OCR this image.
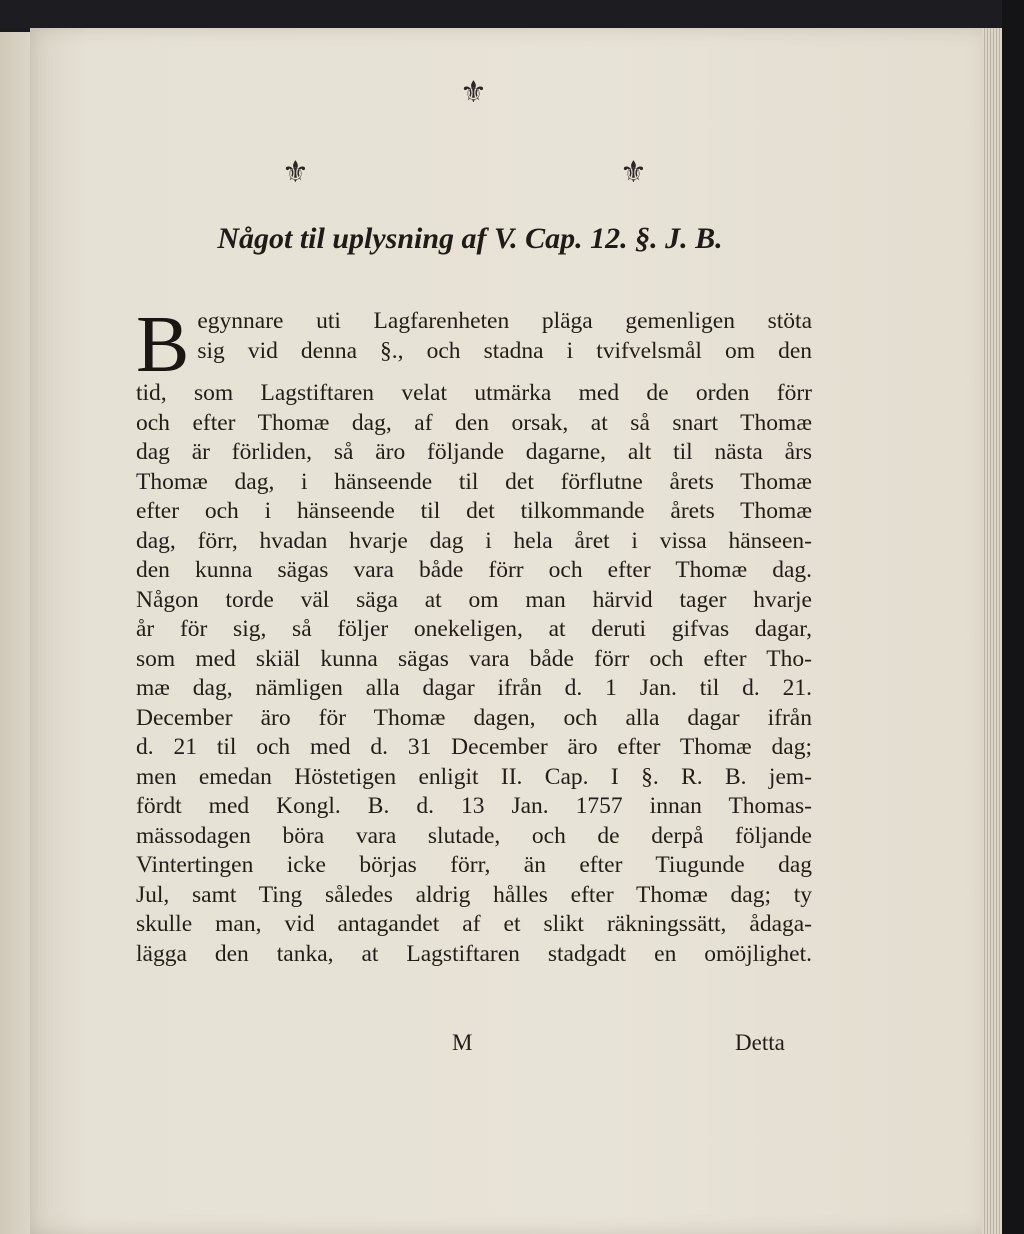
⚜
⚜	⚜
Något til uplysning af V. Cap. 12. §. J. B.
B egynnare uti Lagfarenheten pläga gemenligen stöta
sig vid denna §., och stadna i tvifvelsmål om den
tid, som Lagstiftaren velat utmärka med de orden förr
och efter Thomæ dag, af den orsak, at så snart Thomæ
dag är förliden, så äro följande dagarne, alt til nästa års
Thomæ dag, i hänseende til det förflutne årets Thomæ
efter och i hänseende til det tilkommande årets Thomæ
dag, förr, hvadan hvarje dag i hela året i vissa hänseen-
den kunna sägas vara både förr och efter Thomæ dag.
Någon torde väl säga at om man härvid tager hvarje
år för sig, så följer onekeligen, at deruti gifvas dagar,
som med skiäl kunna sägas vara både förr och efter Tho-
mæ dag, nämligen alla dagar ifrån d. 1 Jan. til d. 21.
December äro för Thomæ dagen, och alla dagar ifrån
d. 21 til och med d. 31 December äro efter Thomæ dag;
men emedan Höstetigen enligit II. Cap. I §. R. B. jem-
fördt med Kongl. B. d. 13 Jan. 1757 innan Thomas-
mässodagen böra vara slutade, och de derpå följande
Vintertingen icke börjas förr, än efter Tiugunde dag
Jul, samt Ting således aldrig hålles efter Thomæ dag; ty
skulle man, vid antagandet af et slikt räkningssätt, ådaga-
lägga den tanka, at Lagstiftaren stadgadt en omöjlighet.
M	Detta
